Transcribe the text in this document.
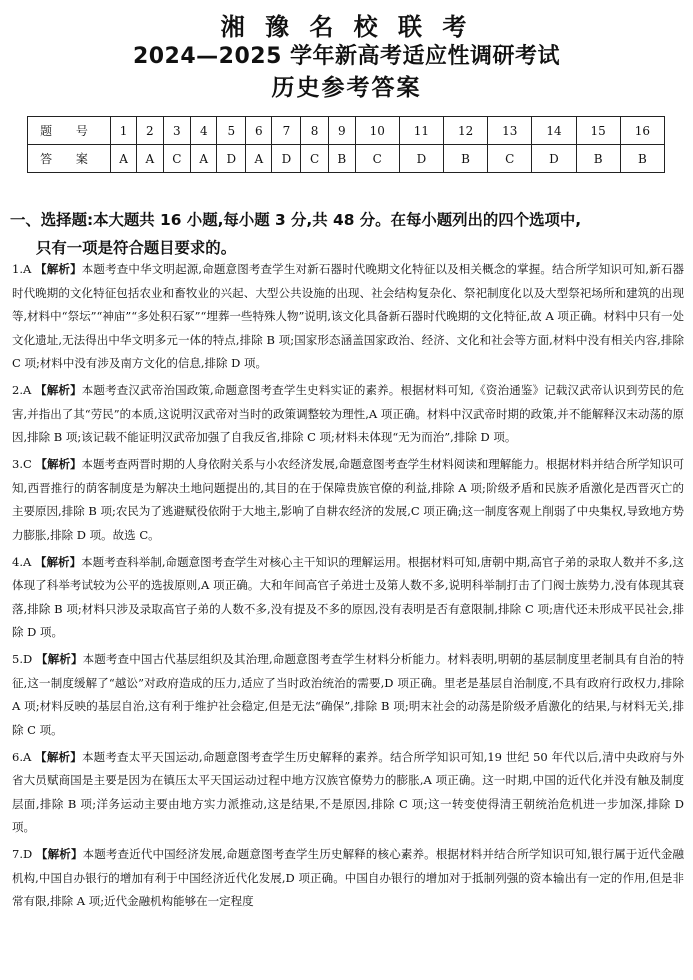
湘 豫 名 校 联 考
2024—2025 学年新高考适应性调研考试
历史参考答案
题 号	1	2	3	4	5	6	7	8	9	10	11	12	13	14	15	16
答 案	A	A	C	A	D	A	D	C	B	C	D	B	C	D	B	B
一、选择题:本大题共 16 小题,每小题 3 分,共 48 分。在每小题列出的四个选项中,
只有一项是符合题目要求的。

1.A 【解析】本题考查中华文明起源,命题意图考查学生对新石器时代晚期文化特征以及相关概念的掌握。结合所学知识可知,新石器时代晚期的文化特征包括农业和畜牧业的兴起、大型公共设施的出现、社会结构复杂化、祭祀制度化以及大型祭祀场所和建筑的出现等,材料中“祭坛”“神庙”“多处积石冢”“埋葬一些特殊人物”说明,该文化具备新石器时代晚期的文化特征,故 A 项正确。材料中只有一处文化遗址,无法得出中华文明多元一体的特点,排除 B 项;国家形态涵盖国家政治、经济、文化和社会等方面,材料中没有相关内容,排除 C 项;材料中没有涉及南方文化的信息,排除 D 项。

2.A 【解析】本题考查汉武帝治国政策,命题意图考查学生史料实证的素养。根据材料可知,《资治通鉴》记载汉武帝认识到劳民的危害,并指出了其“劳民”的本质,这说明汉武帝对当时的政策调整较为理性,A 项正确。材料中汉武帝时期的政策,并不能解释汉末动荡的原因,排除 B 项;该记载不能证明汉武帝加强了自我反省,排除 C 项;材料未体现“无为而治”,排除 D 项。

3.C 【解析】本题考查两晋时期的人身依附关系与小农经济发展,命题意图考查学生材料阅读和理解能力。根据材料并结合所学知识可知,西晋推行的荫客制度是为解决土地问题提出的,其目的在于保障贵族官僚的利益,排除 A 项;阶级矛盾和民族矛盾激化是西晋灭亡的主要原因,排除 B 项;农民为了逃避赋役依附于大地主,影响了自耕农经济的发展,C 项正确;这一制度客观上削弱了中央集权,导致地方势力膨胀,排除 D 项。故选 C。

4.A 【解析】本题考查科举制,命题意图考查学生对核心主干知识的理解运用。根据材料可知,唐朝中期,高官子弟的录取人数并不多,这体现了科举考试较为公平的选拔原则,A 项正确。大和年间高官子弟进士及第人数不多,说明科举制打击了门阀士族势力,没有体现其衰落,排除 B 项;材料只涉及录取高官子弟的人数不多,没有提及不多的原因,没有表明是否有意限制,排除 C 项;唐代还未形成平民社会,排除 D 项。

5.D 【解析】本题考查中国古代基层组织及其治理,命题意图考查学生材料分析能力。材料表明,明朝的基层制度里老制具有自治的特征,这一制度缓解了“越讼”对政府造成的压力,适应了当时政治统治的需要,D 项正确。里老是基层自治制度,不具有政府行政权力,排除 A 项;材料反映的基层自治,这有利于维护社会稳定,但是无法“确保”,排除 B 项;明末社会的动荡是阶级矛盾激化的结果,与材料无关,排除 C 项。

6.A 【解析】本题考查太平天国运动,命题意图考查学生历史解释的素养。结合所学知识可知,19 世纪 50 年代以后,清中央政府与外省大员赋商国是主要是因为在镇压太平天国运动过程中地方汉族官僚势力的膨胀,A 项正确。这一时期,中国的近代化并没有触及制度层面,排除 B 项;洋务运动主要由地方实力派推动,这是结果,不是原因,排除 C 项;这一转变使得清王朝统治危机进一步加深,排除 D 项。

7.D 【解析】本题考查近代中国经济发展,命题意图考查学生历史解释的核心素养。根据材料并结合所学知识可知,银行属于近代金融机构,中国自办银行的增加有利于中国经济近代化发展,D 项正确。中国自办银行的增加对于抵制列强的资本输出有一定的作用,但是非常有限,排除 A 项;近代金融机构能够在一定程度
